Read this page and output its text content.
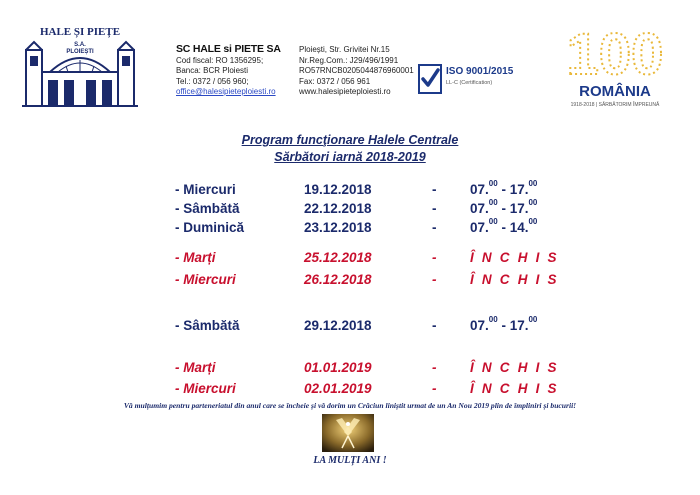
HALE ȘI PIEȚE
S.A.
PLOIEȘTI	SC HALE si PIETE SA
Cod fiscal: RO 1356295;
Banca: BCR Ploiesti
Tel.: 0372 / 056 960;
office@halesipieteploiesti.ro
Ploiești, Str. Grivitei Nr.15
Nr.Reg.Com.: J29/496/1991
RO57RNCB0205044876960001
Fax: 0372 / 056 961
www.halesipieteploiesti.ro
ISO 9001/2015
LL-C (Certification) 100
ROMÂNIA
1918-2018 | SĂRBĂTORIM ÎMPREUNĂ
Program funcţionare Halele Centrale
Sărbători iarnă 2018-2019
- Miercuri	19.12.2018	- 07.00 - 17.00
- Sâmbătă	22.12.2018	- 07.00 - 17.00
- Duminică	23.12.2018	- 07.00 - 14.00
- Marți	25.12.2018	- Î N C H I S
- Miercuri	26.12.2018	- Î N C H I S
- Sâmbătă	29.12.2018	- 07.00 - 17.00
- Marți	01.01.2019	- Î N C H I S
- Miercuri	02.01.2019	- Î N C H I S
Vă mulțumim pentru parteneriatul din anul care se încheie și vă dorim un Crăciun liniștit urmat de un An Nou 2019 plin de împliniri și bucurii!
LA MULȚI ANI !
